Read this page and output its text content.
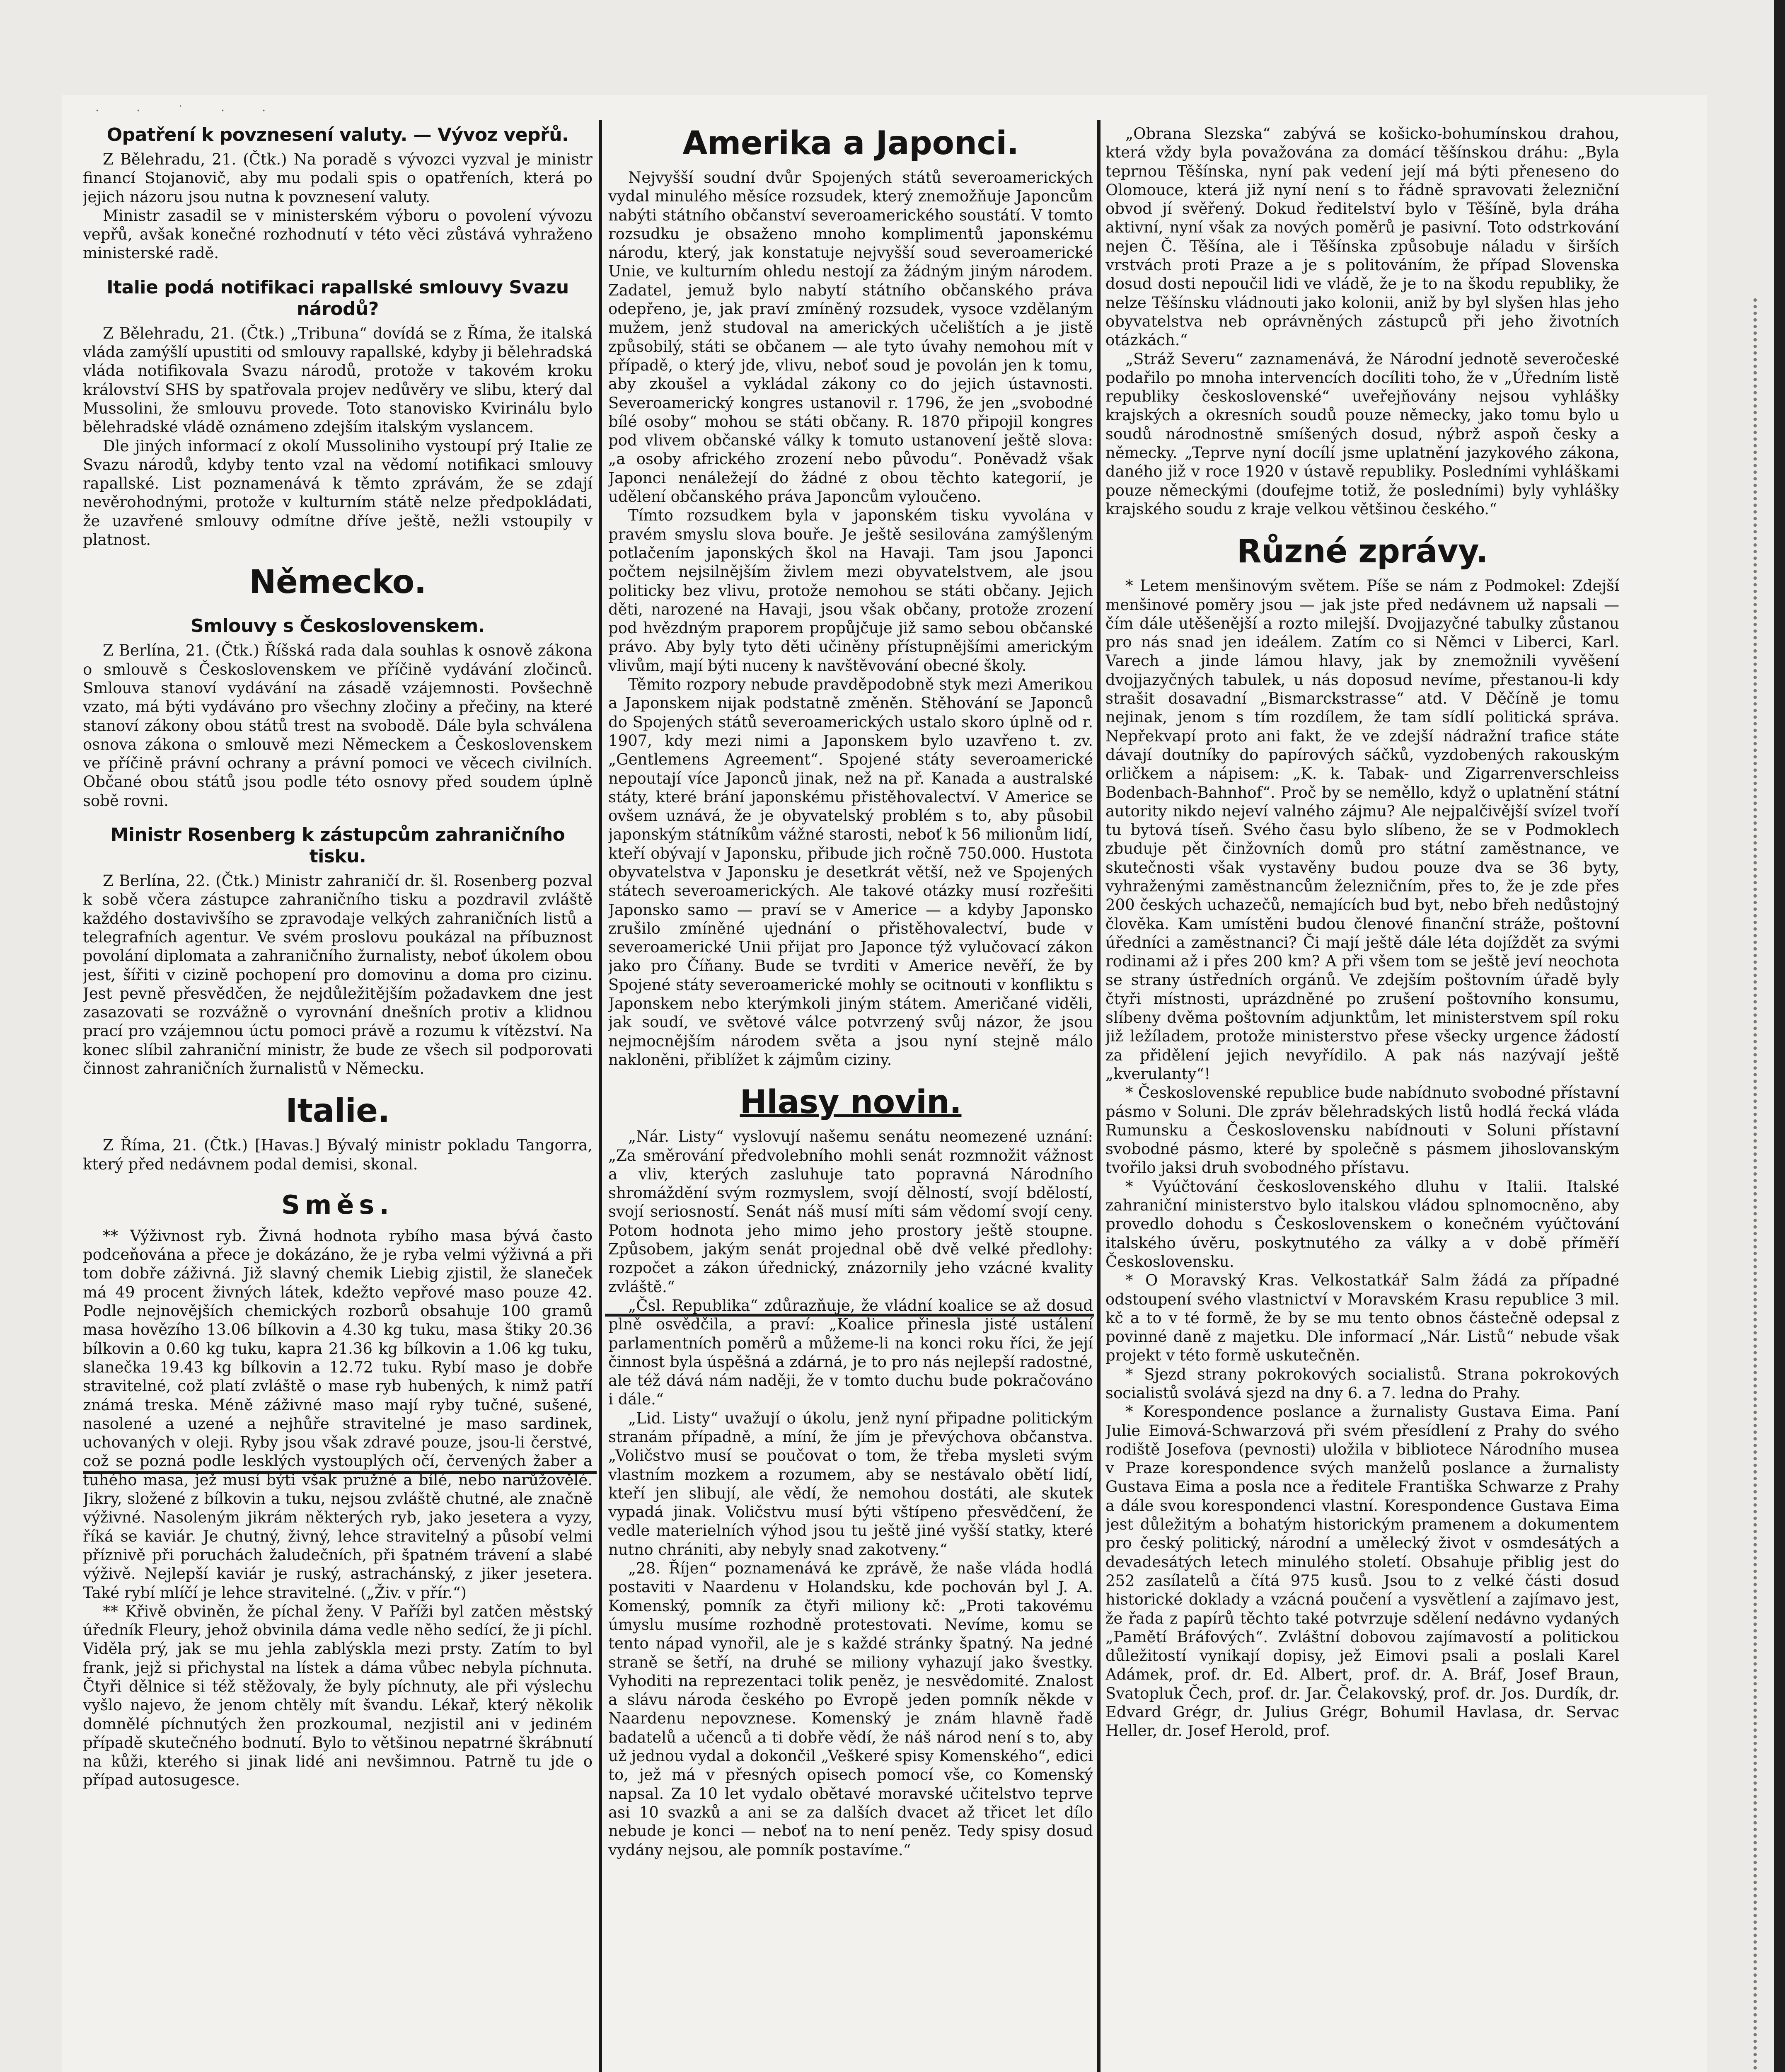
· · ˙ · ·
Opatření k povznesení valuty. — Vývoz vepřů.

Z Bělehradu, 21. (Čtk.) Na poradě s vývozci vyzval je ministr financí Stojanovič, aby mu podali spis o opatřeních, která po jejich názoru jsou nutna k povznesení valuty.

Ministr zasadil se v ministerském výboru o povolení vývozu vepřů, avšak konečné rozhodnutí v této věci zůstává vyhraženo ministerské radě.

Italie podá notifikaci rapallské smlouvy Svazu národů?

Z Bělehradu, 21. (Čtk.) „Tribuna“ dovídá se z Říma, že italská vláda zamýšlí upustiti od smlouvy rapallské, kdyby ji bělehradská vláda notifikovala Svazu národů, protože v takovém kroku království SHS by spatřovala projev nedůvěry ve slibu, který dal Mussolini, že smlouvu provede. Toto stanovisko Kvirinálu bylo bělehradské vládě oznámeno zdejším italským vyslancem.

Dle jiných informací z okolí Mussoliniho vystoupí prý Italie ze Svazu národů, kdyby tento vzal na vědomí notifikaci smlouvy rapallské. List poznamenává k těmto zprávám, že se zdají nevěrohodnými, protože v kulturním státě nelze předpokládati, že uzavřené smlouvy odmítne dříve ještě, nežli vstoupily v platnost.

Německo.
Smlouvy s Československem.

Z Berlína, 21. (Čtk.) Říšská rada dala souhlas k osnově zákona o smlouvě s Československem ve příčině vydávání zločinců. Smlouva stanoví vydávání na zásadě vzájemnosti. Povšechně vzato, má býti vydáváno pro všechny zločiny a přečiny, na které stanoví zákony obou států trest na svobodě. Dále byla schválena osnova zákona o smlouvě mezi Německem a Československem ve příčině právní ochrany a právní pomoci ve věcech civilních. Občané obou států jsou podle této osnovy před soudem úplně sobě rovni.

Ministr Rosenberg k zástupcům zahraničního tisku.

Z Berlína, 22. (Čtk.) Ministr zahraničí dr. šl. Rosenberg pozval k sobě včera zástupce zahraničního tisku a pozdravil zvláště každého dostavivšího se zpravodaje velkých zahraničních listů a telegrafních agentur. Ve svém proslovu poukázal na příbuznost povolání diplomata a zahraničního žurnalisty, neboť úkolem obou jest, šířiti v cizině pochopení pro domovinu a doma pro cizinu. Jest pevně přesvědčen, že nejdůležitějším požadavkem dne jest zasazovati se rozvážně o vyrovnání dnešních protiv a klidnou prací pro vzájemnou úctu pomoci právě a rozumu k vítězství. Na konec slíbil zahraniční ministr, že bude ze všech sil podporovati činnost zahraničních žurnalistů v Německu.

Italie.

Z Říma, 21. (Čtk.) [Havas.] Bývalý ministr pokladu Tangorra, který před nedávnem podal demisi, skonal.

Směs.

** Výživnost ryb. Živná hodnota rybího masa bývá často podceňována a přece je dokázáno, že je ryba velmi výživná a při tom dobře záživná. Již slavný chemik Liebig zjistil, že slaneček má 49 procent živných látek, kdežto vepřové maso pouze 42. Podle nejnovějších chemických rozborů obsahuje 100 gramů masa hovězího 13.06 bílkovin a 4.30 kg tuku, masa štiky 20.36 bílkovin a 0.60 kg tuku, kapra 21.36 kg bílkovin a 1.06 kg tuku, slanečka 19.43 kg bílkovin a 12.72 tuku. Rybí maso je dobře stravitelné, což platí zvláště o mase ryb hubených, k nimž patří známá treska. Méně záživné maso mají ryby tučné, sušené, nasolené a uzené a nejhůře stravitelné je maso sardinek, uchovaných v oleji. Ryby jsou však zdravé pouze, jsou-li čerstvé, což se pozná podle lesklých vystouplých očí, červených žaber a tuhého masa, jež musí býti však pružné a bílé, nebo narůžovělé. Jikry, složené z bílkovin a tuku, nejsou zvláště chutné, ale značně výživné. Nasoleným jikrám některých ryb, jako jesetera a vyzy, říká se kaviár. Je chutný, živný, lehce stravitelný a působí velmi příznivě při poruchách žaludečních, při špatném trávení a slabé výživě. Nejlepší kaviár je ruský, astrachánský, z jiker jesetera. Také rybí mlíčí je lehce stravitelné. („Živ. v přír.“)

** Křivě obviněn, že píchal ženy. V Paříži byl zatčen městský úředník Fleury, jehož obvinila dáma vedle něho sedící, že ji píchl. Viděla prý, jak se mu jehla zablýskla mezi prsty. Zatím to byl frank, jejž si přichystal na lístek a dáma vůbec nebyla píchnuta. Čtyři dělnice si též stěžovaly, že byly píchnuty, ale při výslechu vyšlo najevo, že jenom chtěly mít švandu. Lékař, který několik domnělé píchnutých žen prozkoumal, nezjistil ani v jediném případě skutečného bodnutí. Bylo to většinou nepatrné škrábnutí na kůži, kterého si jinak lidé ani nevšimnou. Patrně tu jde o případ autosugesce.

Amerika a Japonci.

Nejvyšší soudní dvůr Spojených států severoamerických vydal minulého měsíce rozsudek, který znemožňuje Japoncům nabýti státního občanství severoamerického soustátí. V tomto rozsudku je obsaženo mnoho komplimentů japonskému národu, který, jak konstatuje nejvyšší soud severoamerické Unie, ve kulturním ohledu nestojí za žádným jiným národem. Zadatel, jemuž bylo nabytí státního občanského práva odepřeno, je, jak praví zmíněný rozsudek, vysoce vzdělaným mužem, jenž studoval na amerických učelištích a je jistě způsobilý, státi se občanem — ale tyto úvahy nemohou mít v případě, o který jde, vlivu, neboť soud je povolán jen k tomu, aby zkoušel a vykládal zákony co do jejich ústavnosti. Severoamerický kongres ustanovil r. 1796, že jen „svobodné bílé osoby“ mohou se státi občany. R. 1870 připojil kongres pod vlivem občanské války k tomuto ustanovení ještě slova: „a osoby afrického zrození nebo původu“. Poněvadž však Japonci nenáležejí do žádné z obou těchto kategorií, je udělení občanského práva Japoncům vyloučeno.

Tímto rozsudkem byla v japonském tisku vyvolána v pravém smyslu slova bouře. Je ještě sesilována zamýšleným potlačením japonských škol na Havaji. Tam jsou Japonci počtem nejsilnějším živlem mezi obyvatelstvem, ale jsou politicky bez vlivu, protože nemohou se státi občany. Jejich děti, narozené na Havaji, jsou však občany, protože zrození pod hvězdným praporem propůjčuje již samo sebou občanské právo. Aby byly tyto děti učiněny přístupnějšími americkým vlivům, mají býti nuceny k navštěvování obecné školy.

Těmito rozpory nebude pravděpodobně styk mezi Amerikou a Japonskem nijak podstatně změněn. Stěhování se Japonců do Spojených států severoamerických ustalo skoro úplně od r. 1907, kdy mezi nimi a Japonskem bylo uzavřeno t. zv. „Gentlemens Agreement“. Spojené státy severoamerické nepoutají více Japonců jinak, než na př. Kanada a australské státy, které brání japonskému přistěhovalectví. V Americe se ovšem uznává, že je obyvatelský problém s to, aby působil japonským státníkům vážné starosti, neboť k 56 milionům lidí, kteří obývají v Japonsku, přibude jich ročně 750.000. Hustota obyvatelstva v Japonsku je desetkrát větší, než ve Spojených státech severoamerických. Ale takové otázky musí rozřešiti Japonsko samo — praví se v Americe — a kdyby Japonsko zrušilo zmíněné ujednání o přistěhovalectví, bude v severoamerické Unii přijat pro Japonce týž vylučovací zákon jako pro Číňany. Bude se tvrditi v Americe nevěří, že by Spojené státy severoamerické mohly se ocitnouti v konfliktu s Japonskem nebo kterýmkoli jiným státem. Američané viděli, jak soudí, ve světové válce potvrzený svůj názor, že jsou nejmocnějším národem světa a jsou nyní stejně málo nakloněni, přiblížet k zájmům ciziny.

Hlasy novin.

„Nár. Listy“ vyslovují našemu senátu neomezené uznání: „Za směrování předvolebního mohli senát rozmnožit vážnost a vliv, kterých zasluhuje tato popravná Národního shromáždění svým rozmyslem, svojí dělností, svojí bdělostí, svojí seriosností. Senát náš musí míti sám vědomí svojí ceny. Potom hodnota jeho mimo jeho prostory ještě stoupne. Způsobem, jakým senát projednal obě dvě velké předlohy: rozpočet a zákon úřednický, znázornily jeho vzácné kvality zvláště.“

„Čsl. Republika“ zdůrazňuje, že vládní koalice se až dosud plně osvědčila, a praví: „Koalice přinesla jisté ustálení parlamentních poměrů a můžeme-li na konci roku říci, že její činnost byla úspěšná a zdárná, je to pro nás nejlepší radostné, ale též dává nám naději, že v tomto duchu bude pokračováno i dále.“

„Lid. Listy“ uvažují o úkolu, jenž nyní připadne politickým stranám případně, a míní, že jím je převýchova občanstva. „Voličstvo musí se poučovat o tom, že třeba mysleti svým vlastním mozkem a rozumem, aby se nestávalo obětí lidí, kteří jen slibují, ale vědí, že nemohou dostáti, ale skutek vypadá jinak. Voličstvu musí býti vštípeno přesvědčení, že vedle materielních výhod jsou tu ještě jiné vyšší statky, které nutno chrániti, aby nebyly snad zakotveny.“

„28. Říjen“ poznamenává ke zprávě, že naše vláda hodlá postaviti v Naardenu v Holandsku, kde pochován byl J. A. Komenský, pomník za čtyři miliony kč: „Proti takovému úmyslu musíme rozhodně protestovati. Nevíme, komu se tento nápad vynořil, ale je s každé stránky špatný. Na jedné straně se šetří, na druhé se miliony vyhazují jako švestky. Vyhoditi na reprezentaci tolik peněz, je nesvědomité. Znalost a slávu národa českého po Evropě jeden pomník někde v Naardenu nepovznese. Komenský je znám hlavně řadě badatelů a učenců a ti dobře vědí, že náš národ není s to, aby už jednou vydal a dokončil „Veškeré spisy Komenského“, edici to, jež má v přesných opisech pomocí vše, co Komenský napsal. Za 10 let vydalo obětavé moravské učitelstvo teprve asi 10 svazků a ani se za dalších dvacet až třicet let dílo nebude je konci — neboť na to není peněz. Tedy spisy dosud vydány nejsou, ale pomník postavíme.“

„Obrana Slezska“ zabývá se košicko-bohumínskou drahou, která vždy byla považována za domácí těšínskou dráhu: „Byla teprnou Těšínska, nyní pak vedení její má býti přeneseno do Olomouce, která již nyní není s to řádně spravovati železniční obvod jí svěřený. Dokud ředitelství bylo v Těšíně, byla dráha aktivní, nyní však za nových poměrů je pasivní. Toto odstrkování nejen Č. Těšína, ale i Těšínska způsobuje náladu v širších vrstvách proti Praze a je s politováním, že případ Slovenska dosud dosti nepoučil lidi ve vládě, že je to na škodu republiky, že nelze Těšínsku vládnouti jako kolonii, aniž by byl slyšen hlas jeho obyvatelstva neb oprávněných zástupců při jeho životních otázkách.“

„Stráž Severu“ zaznamenává, že Národní jednotě severočeské podařilo po mnoha intervencích docíliti toho, že v „Úředním listě republiky československé“ uveřejňovány nejsou vyhlášky krajských a okresních soudů pouze německy, jako tomu bylo u soudů národnostně smíšených dosud, nýbrž aspoň česky a německy. „Teprve nyní docílí jsme uplatnění jazykového zákona, daného již v roce 1920 v ústavě republiky. Posledními vyhláškami pouze německými (doufejme totiž, že posledními) byly vyhlášky krajského soudu z kraje velkou většinou českého.“

Různé zprávy.

* Letem menšinovým světem. Píše se nám z Podmokel: Zdejší menšinové poměry jsou — jak jste před nedávnem už napsali — čím dále utěšenější a rozto milejší. Dvojjazyčné tabulky zůstanou pro nás snad jen ideálem. Zatím co si Němci v Liberci, Karl. Varech a jinde lámou hlavy, jak by znemožnili vyvěšení dvojjazyčných tabulek, u nás doposud nevíme, přestanou-li kdy strašit dosavadní „Bismarckstrasse“ atd. V Děčíně je tomu nejinak, jenom s tím rozdílem, že tam sídlí politická správa. Nepřekvapí proto ani fakt, že ve zdejší nádražní trafice státe dávají doutníky do papírových sáčků, vyzdobených rakouským orličkem a nápisem: „K. k. Tabak- und Zigarrenverschleiss Bodenbach-Bahnhof“. Proč by se neměllo, když o uplatnění státní autority nikdo nejeví valného zájmu? Ale nejpalčivější svízel tvoří tu bytová tíseň. Svého času bylo slíbeno, že se v Podmoklech zbuduje pět činžovních domů pro státní zaměstnance, ve skutečnosti však vystavěny budou pouze dva se 36 byty, vyhraženými zaměstnancům železničním, přes to, že je zde přes 200 českých uchazečů, nemajících bud byt, nebo břeh nedůstojný člověka. Kam umístěni budou členové finanční stráže, poštovní úředníci a zaměstnanci? Či mají ještě dále léta dojíždět za svými rodinami až i přes 200 km? A při všem tom se ještě jeví neochota se strany ústředních orgánů. Ve zdejším poštovním úřadě byly čtyři místnosti, uprázdněné po zrušení poštovního konsumu, slíbeny dvěma poštovním adjunktům, let ministerstvem spíl roku již ležíladem, protože ministerstvo přese všecky urgence žádostí za přidělení jejich nevyřídilo. A pak nás nazývají ještě „kverulanty“!

* Československé republice bude nabídnuto svobodné přístavní pásmo v Soluni. Dle zpráv bělehradských listů hodlá řecká vláda Rumunsku a Československu nabídnouti v Soluni přístavní svobodné pásmo, které by společně s pásmem jihoslovanským tvořilo jaksi druh svobodného přístavu.

* Vyúčtování československého dluhu v Italii. Italské zahraniční ministerstvo bylo italskou vládou splnomocněno, aby provedlo dohodu s Československem o konečném vyúčtování italského úvěru, poskytnutého za války a v době příměří Československu.

* O Moravský Kras. Velkostatkář Salm žádá za případné odstoupení svého vlastnictví v Moravském Krasu republice 3 mil. kč a to v té formě, že by se mu tento obnos částečně odepsal z povinné daně z majetku. Dle informací „Nár. Listů“ nebude však projekt v této formě uskutečněn.

* Sjezd strany pokrokových socialistů. Strana pokrokových socialistů svolává sjezd na dny 6. a 7. ledna do Prahy.

* Korespondence poslance a žurnalisty Gustava Eima. Paní Julie Eimová-Schwarzová při svém přesídlení z Prahy do svého rodiště Josefova (pevnosti) uložila v bibliotece Národního musea v Praze korespondence svých manželů poslance a žurnalisty Gustava Eima a posla nce a ředitele Františka Schwarze z Prahy a dále svou korespondenci vlastní. Korespondence Gustava Eima jest důležitým a bohatým historickým pramenem a dokumentem pro český politický, národní a umělecký život v osmdesátých a devadesátých letech minulého století. Obsahuje přiblig jest do 252 zasílatelů a čítá 975 kusů. Jsou to z velké části dosud historické doklady a vzácná poučení a vysvětlení a zajímavo jest, že řada z papírů těchto také potvrzuje sdělení nedávno vydaných „Pamětí Bráfových“. Zvláštní dobovou zajímavostí a politickou důležitostí vynikají dopisy, jež Eimovi psali a poslali Karel Adámek, prof. dr. Ed. Albert, prof. dr. A. Bráf, Josef Braun, Svatopluk Čech, prof. dr. Jar. Čelakovský, prof. dr. Jos. Durdík, dr. Edvard Grégr, dr. Julius Grégr, Bohumil Havlasa, dr. Servac Heller, dr. Josef Herold, prof.
